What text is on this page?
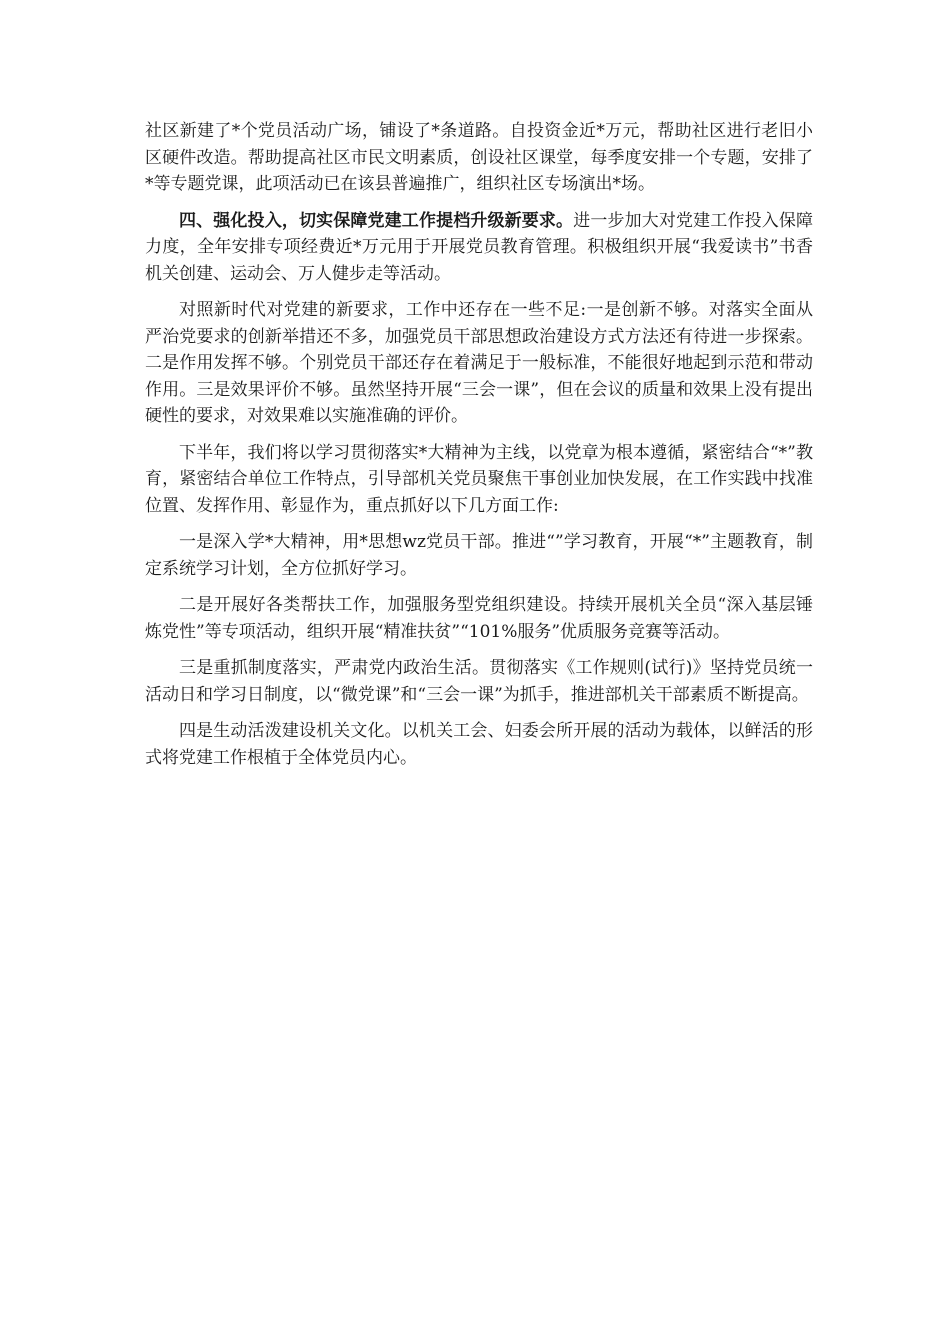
社区新建了*个党员活动广场，铺设了*条道路。自投资金近*万元，帮助社区进行老旧小区硬件改造。帮助提高社区市民文明素质，创设社区课堂，每季度安排一个专题，安排了*等专题党课，此项活动已在该县普遍推广，组织社区专场演出*场。

四、强化投入，切实保障党建工作提档升级新要求。进一步加大对党建工作投入保障力度，全年安排专项经费近*万元用于开展党员教育管理。积极组织开展“我爱读书”书香机关创建、运动会、万人健步走等活动。

对照新时代对党建的新要求，工作中还存在一些不足:一是创新不够。对落实全面从严治党要求的创新举措还不多，加强党员干部思想政治建设方式方法还有待进一步探索。二是作用发挥不够。个别党员干部还存在着满足于一般标准，不能很好地起到示范和带动作用。三是效果评价不够。虽然坚持开展“三会一课”，但在会议的质量和效果上没有提出硬性的要求，对效果难以实施准确的评价。

下半年，我们将以学习贯彻落实*大精神为主线，以党章为根本遵循，紧密结合“*”教育，紧密结合单位工作特点，引导部机关党员聚焦干事创业加快发展，在工作实践中找准位置、发挥作用、彰显作为，重点抓好以下几方面工作:

一是深入学*大精神，用*思想wz党员干部。推进“”学习教育，开展“*”主题教育，制定系统学习计划，全方位抓好学习。

二是开展好各类帮扶工作，加强服务型党组织建设。持续开展机关全员“深入基层锤炼党性”等专项活动，组织开展“精准扶贫”“101%服务”优质服务竞赛等活动。

三是重抓制度落实，严肃党内政治生活。贯彻落实《工作规则(试行)》坚持党员统一活动日和学习日制度，以“微党课”和“三会一课”为抓手，推进部机关干部素质不断提高。

四是生动活泼建设机关文化。以机关工会、妇委会所开展的活动为载体，以鲜活的形式将党建工作根植于全体党员内心。
